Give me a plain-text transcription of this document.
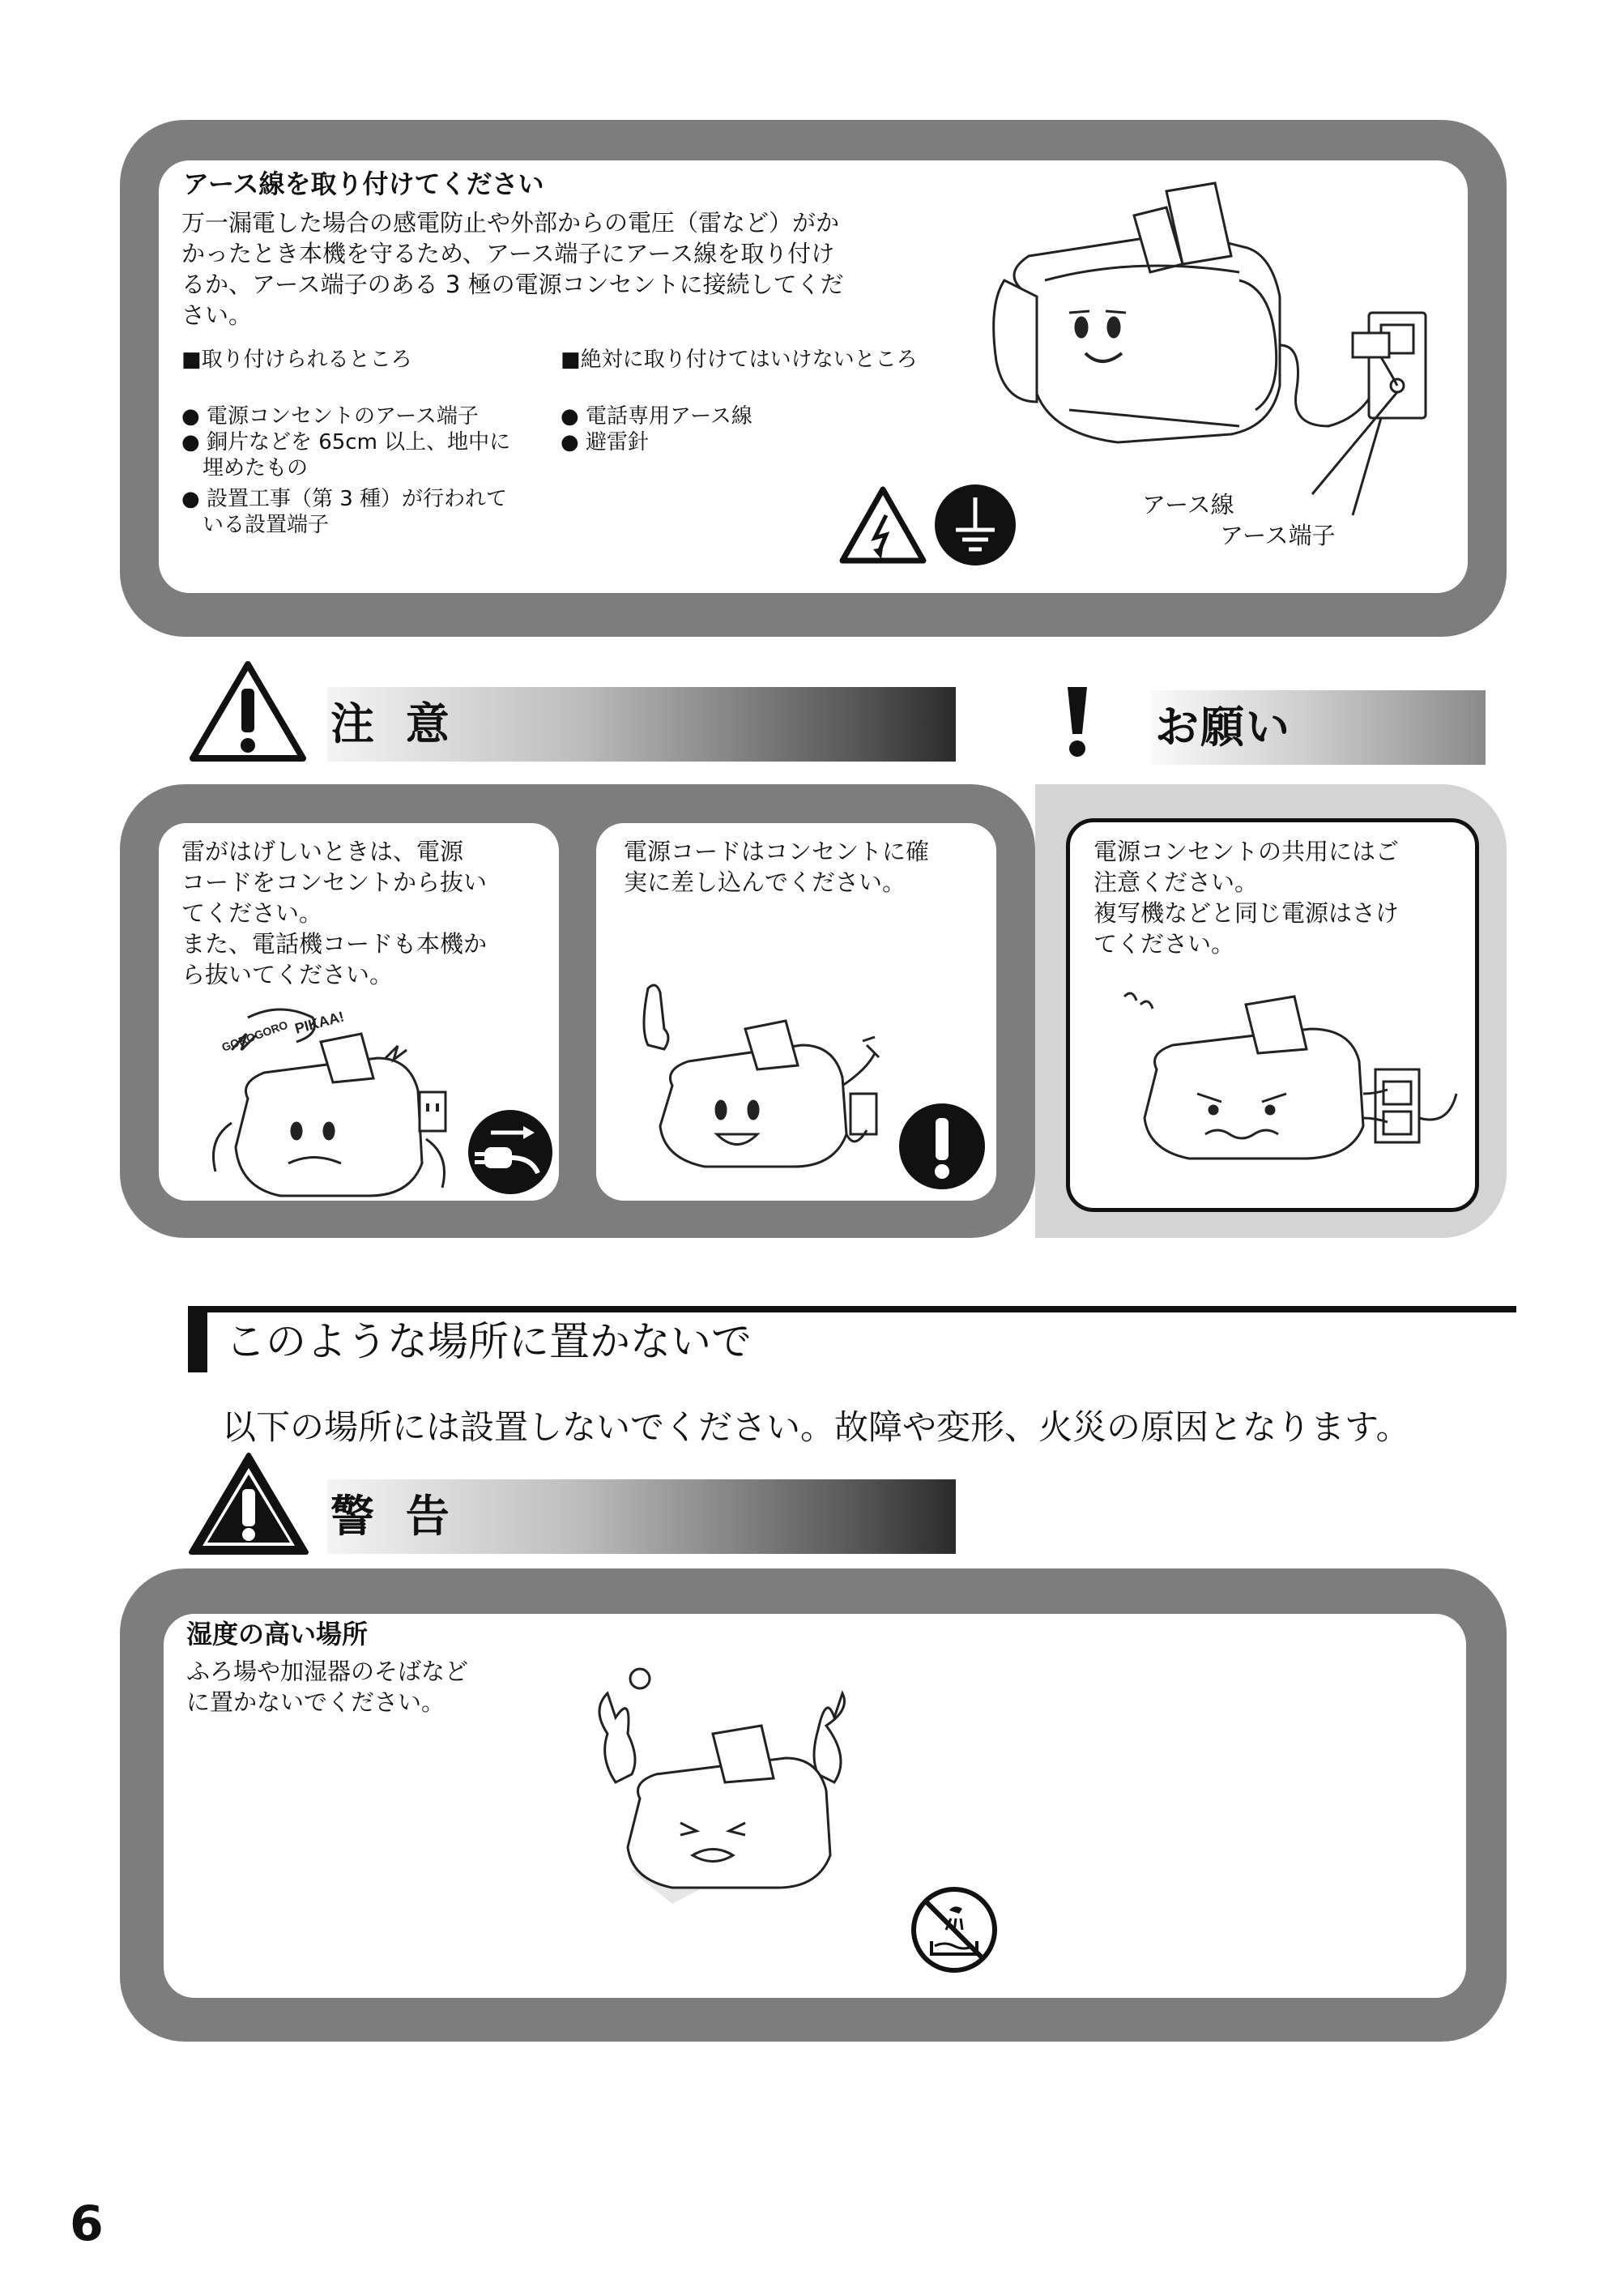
アース線を取り付けてください
万一漏電した場合の感電防止や外部からの電圧（雷など）がか
かったとき本機を守るため、アース端子にアース線を取り付け
るか、アース端子のある 3 極の電源コンセントに接続してくだ
さい。
■取り付けられるところ	■絶対に取り付けてはいけないところ
● 電源コンセントのアース端子
● 銅片などを 65cm 以上、地中に
　埋めたもの
● 設置工事（第 3 種）が行われて
　いる設置端子
● 電話専用アース線
● 避雷針
アース線
アース端子
注 意	お願い
雷がはげしいときは、電源
コードをコンセントから抜い
てください。
また、電話機コードも本機か
ら抜いてください。
電源コードはコンセントに確
実に差し込んでください。
GOROGORO PIKAA!
電源コンセントの共用にはご
注意ください。
複写機などと同じ電源はさけ
てください。
このような場所に置かないで
以下の場所には設置しないでください。故障や変形、火災の原因となります。
警 告
湿度の高い場所
ふろ場や加湿器のそばなど
に置かないでください。
6
